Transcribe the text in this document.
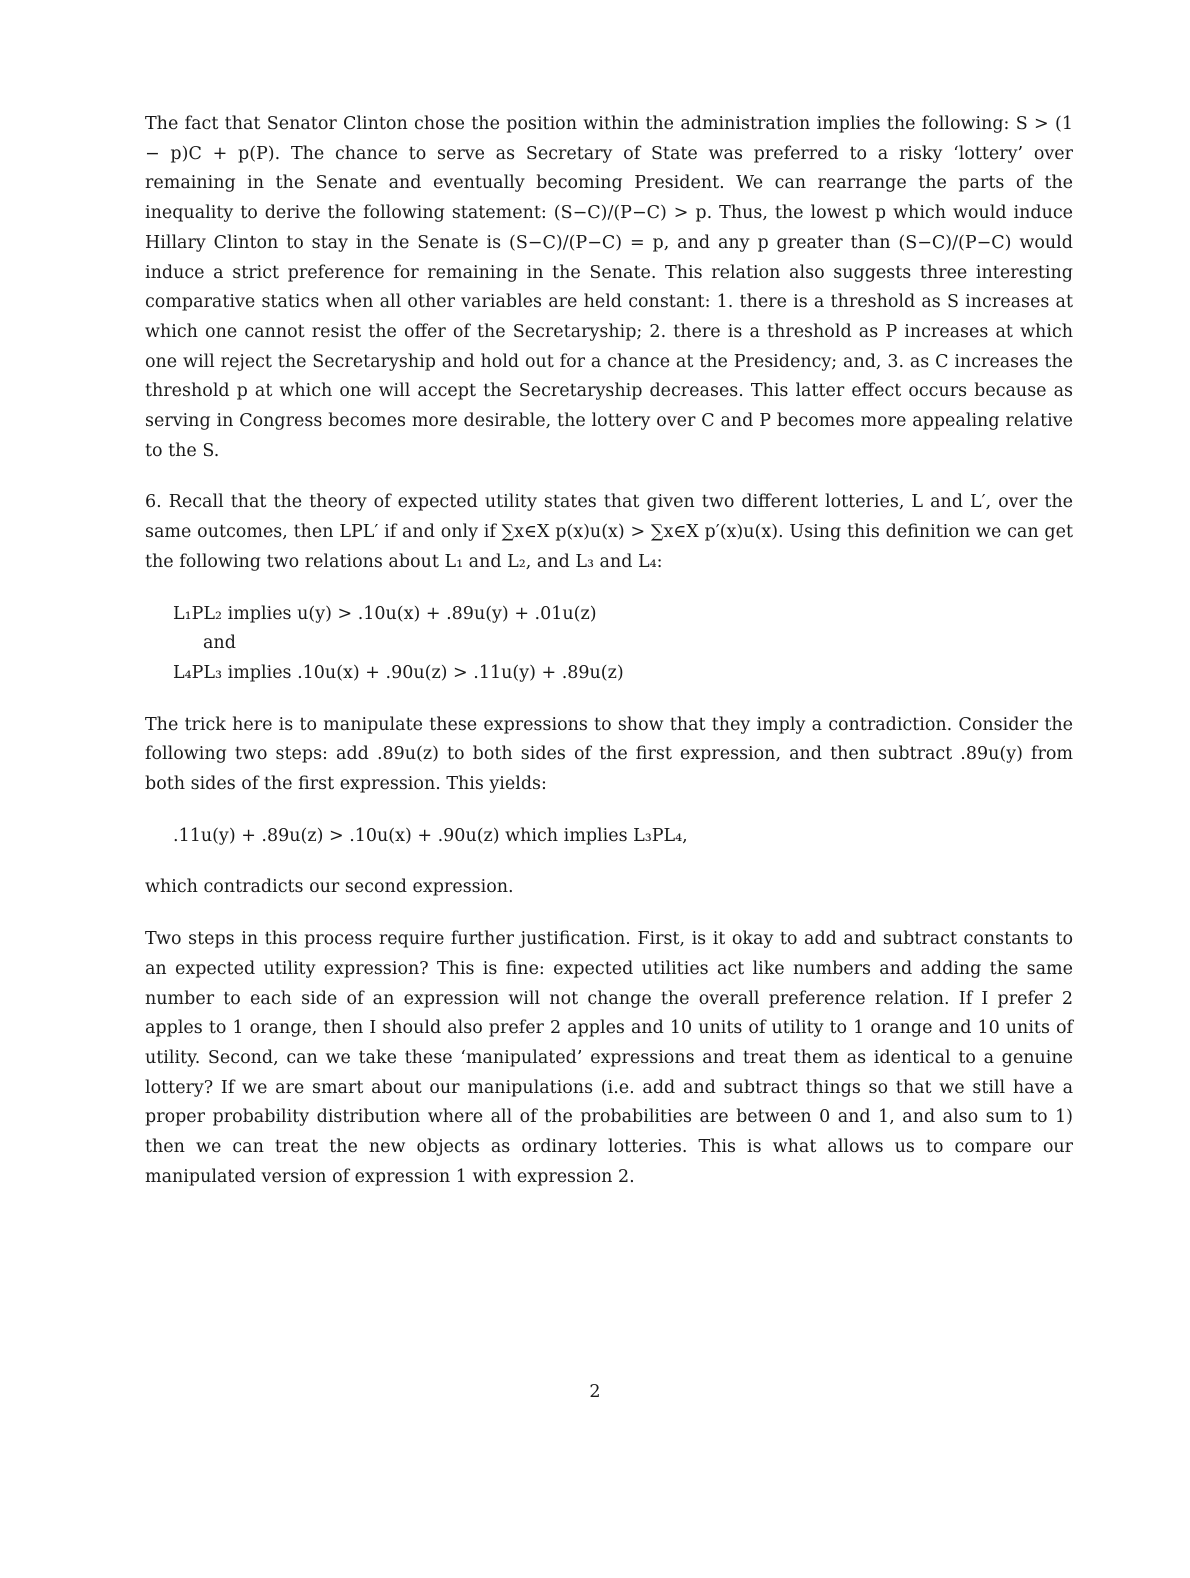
The fact that Senator Clinton chose the position within the administration implies the following: S > (1 − p)C + p(P). The chance to serve as Secretary of State was preferred to a risky ‘lottery’ over remaining in the Senate and eventually becoming President. We can rearrange the parts of the inequality to derive the following statement: (S−C)/(P−C) > p. Thus, the lowest p which would induce Hillary Clinton to stay in the Senate is (S−C)/(P−C) = p, and any p greater than (S−C)/(P−C) would induce a strict preference for remaining in the Senate. This relation also suggests three interesting comparative statics when all other variables are held constant: 1. there is a threshold as S increases at which one cannot resist the offer of the Secretaryship; 2. there is a threshold as P increases at which one will reject the Secretaryship and hold out for a chance at the Presidency; and, 3. as C increases the threshold p at which one will accept the Secretaryship decreases. This latter effect occurs because as serving in Congress becomes more desirable, the lottery over C and P becomes more appealing relative to the S.

6. Recall that the theory of expected utility states that given two different lotteries, L and L′, over the same outcomes, then LPL′ if and only if ∑x∈X p(x)u(x) > ∑x∈X p′(x)u(x). Using this definition we can get the following two relations about L₁ and L₂, and L₃ and L₄:

L₁PL₂ implies u(y) > .10u(x) + .89u(y) + .01u(z)
and
L₄PL₃ implies .10u(x) + .90u(z) > .11u(y) + .89u(z)

The trick here is to manipulate these expressions to show that they imply a contradiction. Consider the following two steps: add .89u(z) to both sides of the first expression, and then subtract .89u(y) from both sides of the first expression. This yields:

.11u(y) + .89u(z) > .10u(x) + .90u(z) which implies L₃PL₄,

which contradicts our second expression.

Two steps in this process require further justification. First, is it okay to add and subtract constants to an expected utility expression? This is fine: expected utilities act like numbers and adding the same number to each side of an expression will not change the overall preference relation. If I prefer 2 apples to 1 orange, then I should also prefer 2 apples and 10 units of utility to 1 orange and 10 units of utility. Second, can we take these ‘manipulated’ expressions and treat them as identical to a genuine lottery? If we are smart about our manipulations (i.e. add and subtract things so that we still have a proper probability distribution where all of the probabilities are between 0 and 1, and also sum to 1) then we can treat the new objects as ordinary lotteries. This is what allows us to compare our manipulated version of expression 1 with expression 2.

2
